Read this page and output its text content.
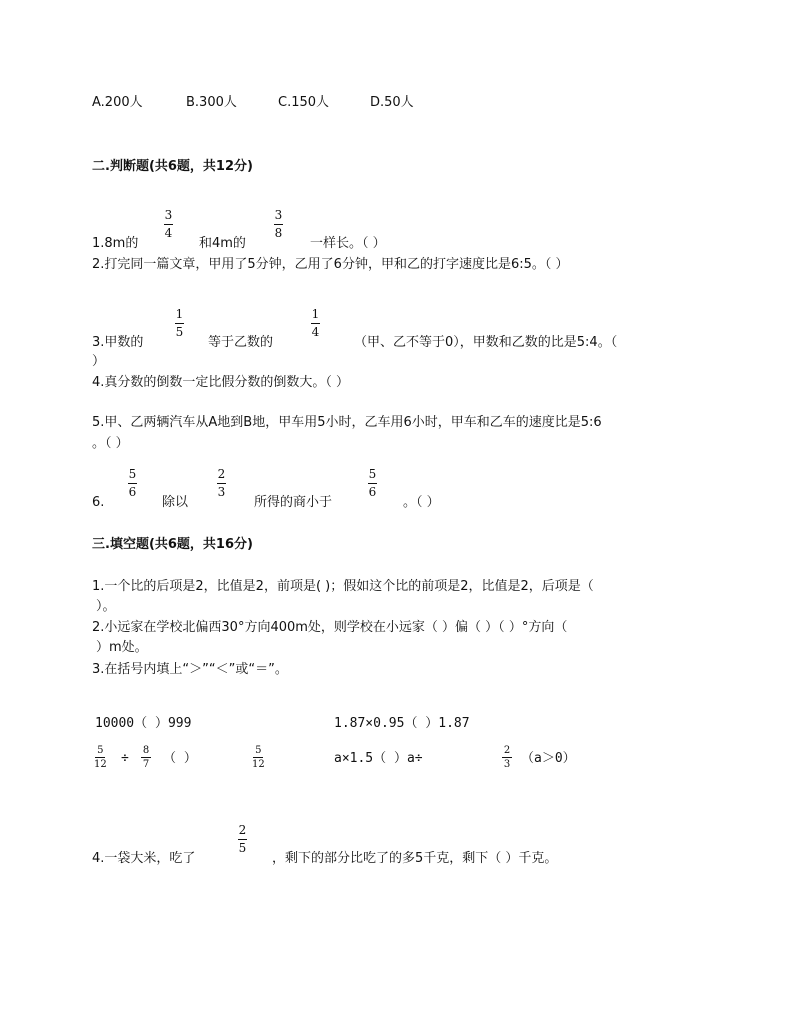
A.200人	B.300人	C.150人	D.50人
二.判断题(共6题，共12分)
1.8m的
3
4
和4m的
3
8
一样长。（ ）
2.打完同一篇文章，甲用了5分钟，乙用了6分钟，甲和乙的打字速度比是6:5。（ ）
3.甲数的
1
5
等于乙数的
1
4
（甲、乙不等于0），甲数和乙数的比是5:4。（
）
4.真分数的倒数一定比假分数的倒数大。（ ）
5.甲、乙两辆汽车从A地到B地，甲车用5小时，乙车用6小时，甲车和乙车的速度比是5:6
。（ ）
6.
5
6
除以
2
3
所得的商小于
5
6
。（ ）
三.填空题(共6题，共16分)
1.一个比的后项是2，比值是2，前项是( )；假如这个比的前项是2，比值是2，后项是（
）。
2.小远家在学校北偏西30°方向400m处，则学校在小远家（ ）偏（ ）（ ）°方向（
）m处。
3.在括号内填上“＞”“＜”或“＝”。
10000（ ）999	1.87×0.95（ ）1.87
5
12 ÷
8
7 （ ）
5
12	a×1.5（ ）a÷
2
3 （a＞0）
4.一袋大米，吃了
2
5
，剩下的部分比吃了的多5千克，剩下（ ）千克。
